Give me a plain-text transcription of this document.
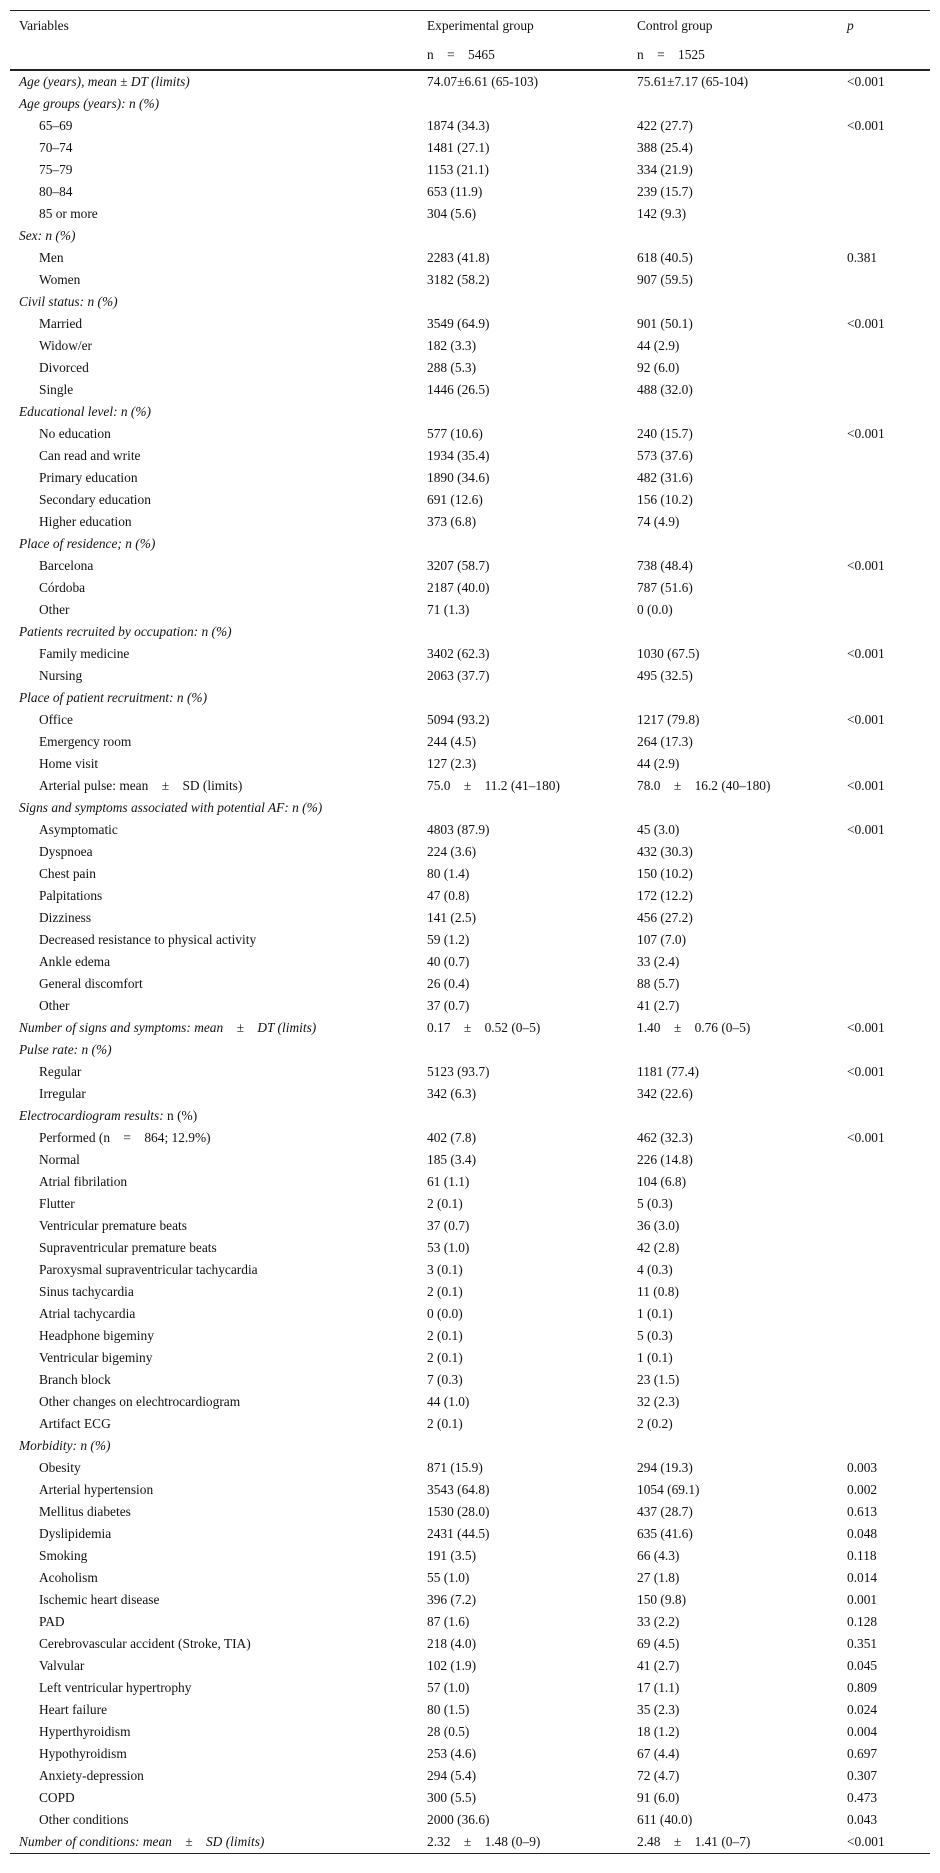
Variables	Experimental group	Control group	p
	n  =  5465	n  =  1525	
Age (years), mean ± DT (limits)	74.07±6.61 (65-103)	75.61±7.17 (65-104)	<0.001
Age groups (years): n (%)			
65–69	1874 (34.3)	422 (27.7)	<0.001
70–74	1481 (27.1)	388 (25.4)	
75–79	1153 (21.1)	334 (21.9)	
80–84	653 (11.9)	239 (15.7)	
85 or more	304 (5.6)	142 (9.3)	
Sex: n (%)			
Men	2283 (41.8)	618 (40.5)	0.381
Women	3182 (58.2)	907 (59.5)	
Civil status: n (%)			
Married	3549 (64.9)	901 (50.1)	<0.001
Widow/er	182 (3.3)	44 (2.9)	
Divorced	288 (5.3)	92 (6.0)	
Single	1446 (26.5)	488 (32.0)	
Educational level: n (%)			
No education	577 (10.6)	240 (15.7)	<0.001
Can read and write	1934 (35.4)	573 (37.6)	
Primary education	1890 (34.6)	482 (31.6)	
Secondary education	691 (12.6)	156 (10.2)	
Higher education	373 (6.8)	74 (4.9)	
Place of residence; n (%)			
Barcelona	3207 (58.7)	738 (48.4)	<0.001
Córdoba	2187 (40.0)	787 (51.6)	
Other	71 (1.3)	0 (0.0)	
Patients recruited by occupation: n (%)			
Family medicine	3402 (62.3)	1030 (67.5)	<0.001
Nursing	2063 (37.7)	495 (32.5)	
Place of patient recruitment: n (%)			
Office	5094 (93.2)	1217 (79.8)	<0.001
Emergency room	244 (4.5)	264 (17.3)	
Home visit	127 (2.3)	44 (2.9)	
Arterial pulse: mean  ±  SD (limits)	75.0  ±  11.2 (41–180)	78.0  ±  16.2 (40–180)	<0.001
Signs and symptoms associated with potential AF: n (%)			
Asymptomatic	4803 (87.9)	45 (3.0)	<0.001
Dyspnoea	224 (3.6)	432 (30.3)	
Chest pain	80 (1.4)	150 (10.2)	
Palpitations	47 (0.8)	172 (12.2)	
Dizziness	141 (2.5)	456 (27.2)	
Decreased resistance to physical activity	59 (1.2)	107 (7.0)	
Ankle edema	40 (0.7)	33 (2.4)	
General discomfort	26 (0.4)	88 (5.7)	
Other	37 (0.7)	41 (2.7)	
Number of signs and symptoms: mean  ±  DT (limits)	0.17  ±  0.52 (0–5)	1.40  ±  0.76 (0–5)	<0.001
Pulse rate: n (%)			
Regular	5123 (93.7)	1181 (77.4)	<0.001
Irregular	342 (6.3)	342 (22.6)	
Electrocardiogram results: n (%)			
Performed (n  =  864; 12.9%)	402 (7.8)	462 (32.3)	<0.001
Normal	185 (3.4)	226 (14.8)	
Atrial fibrilation	61 (1.1)	104 (6.8)	
Flutter	2 (0.1)	5 (0.3)	
Ventricular premature beats	37 (0.7)	36 (3.0)	
Supraventricular premature beats	53 (1.0)	42 (2.8)	
Paroxysmal supraventricular tachycardia	3 (0.1)	4 (0.3)	
Sinus tachycardia	2 (0.1)	11 (0.8)	
Atrial tachycardia	0 (0.0)	1 (0.1)	
Headphone bigeminy	2 (0.1)	5 (0.3)	
Ventricular bigeminy	2 (0.1)	1 (0.1)	
Branch block	7 (0.3)	23 (1.5)	
Other changes on elechtrocardiogram	44 (1.0)	32 (2.3)	
Artifact ECG	2 (0.1)	2 (0.2)	
Morbidity: n (%)			
Obesity	871 (15.9)	294 (19.3)	0.003
Arterial hypertension	3543 (64.8)	1054 (69.1)	0.002
Mellitus diabetes	1530 (28.0)	437 (28.7)	0.613
Dyslipidemia	2431 (44.5)	635 (41.6)	0.048
Smoking	191 (3.5)	66 (4.3)	0.118
Acoholism	55 (1.0)	27 (1.8)	0.014
Ischemic heart disease	396 (7.2)	150 (9.8)	0.001
PAD	87 (1.6)	33 (2.2)	0.128
Cerebrovascular accident (Stroke, TIA)	218 (4.0)	69 (4.5)	0.351
Valvular	102 (1.9)	41 (2.7)	0.045
Left ventricular hypertrophy	57 (1.0)	17 (1.1)	0.809
Heart failure	80 (1.5)	35 (2.3)	0.024
Hyperthyroidism	28 (0.5)	18 (1.2)	0.004
Hypothyroidism	253 (4.6)	67 (4.4)	0.697
Anxiety-depression	294 (5.4)	72 (4.7)	0.307
COPD	300 (5.5)	91 (6.0)	0.473
Other conditions	2000 (36.6)	611 (40.0)	0.043
Number of conditions: mean  ±  SD (limits)	2.32  ±  1.48 (0–9)	2.48  ±  1.41 (0–7)	<0.001
